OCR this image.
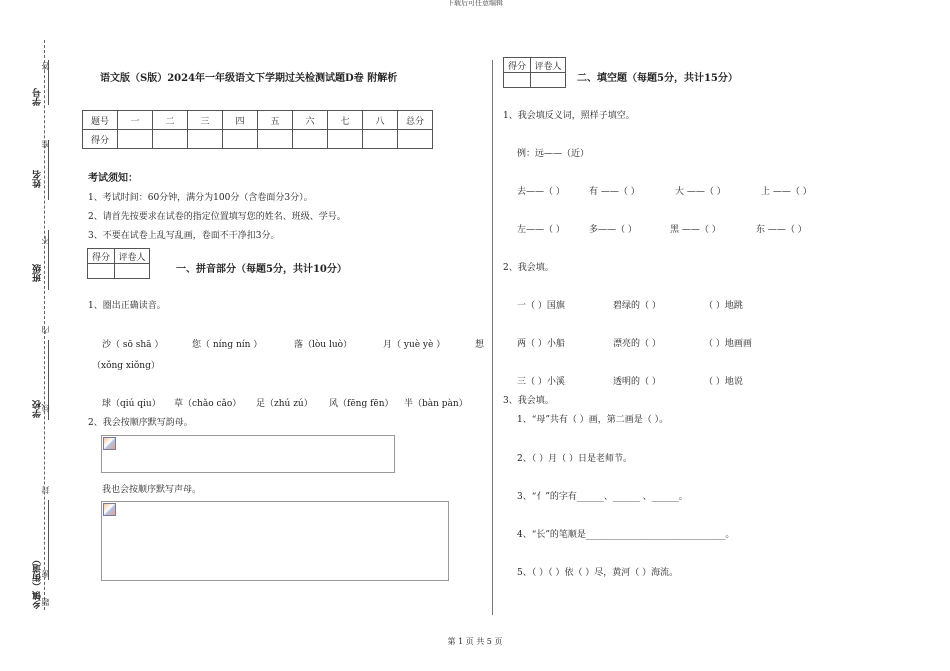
下载后可任意编辑
第 1 页 共 5 页
学号
姓名
班级
学校
乡镇（街道）
答
准
不
内
线
封
密
题
语文版（S版）2024年一年级语文下学期过关检测试题D卷 附解析
题号	一	二	三	四	五	六	七	八	总分
得分									
考试须知：
1、考试时间：60分钟，满分为100分（含卷面分3分）。
2、请首先按要求在试卷的指定位置填写您的姓名、班级、学号。
3、不要在试卷上乱写乱画，卷面不干净扣3分。
得分	评卷人

一、拼音部分（每题5分，共计10分）
1、圈出正确读音。
沙（ sō shā ）	您（ níng nín ）	落（lòu luò）	月（ yuè yè ）	想
（xǒng xiǒng）
球（qiú qiu） 草（chǎo cǎo） 足（zhú zú） 风（fēng fēn） 半（bàn pàn）
2、我会按顺序默写韵母。
我也会按顺序默写声母。
得分	评卷人

二、填空题（每题5分，共计15分）
1、我会填反义词，照样子填空。
例：远——（近）
去——（ ）	有 ——（ ）	大 ——（ ）	上 ——（ ）
左——（ ）	多——（ ）	黑 ——（ ）	东 ——（ ）
2、我会填。
一（ ）国旗	碧绿的（ ）	（ ）地跳
两（ ）小船	漂亮的（ ）	（ ）地画画
三（ ）小溪	透明的（ ）	（ ）地说
3、我会填。
1、“母”共有（ ）画，第二画是（ ）。
2、（ ）月（ ）日是老师节。
3、“亻”的字有______、______ 、______。
4、“长”的笔顺是_______________________________。
5、（ ）（ ）依（ ）尽，黄河（ ）海流。
